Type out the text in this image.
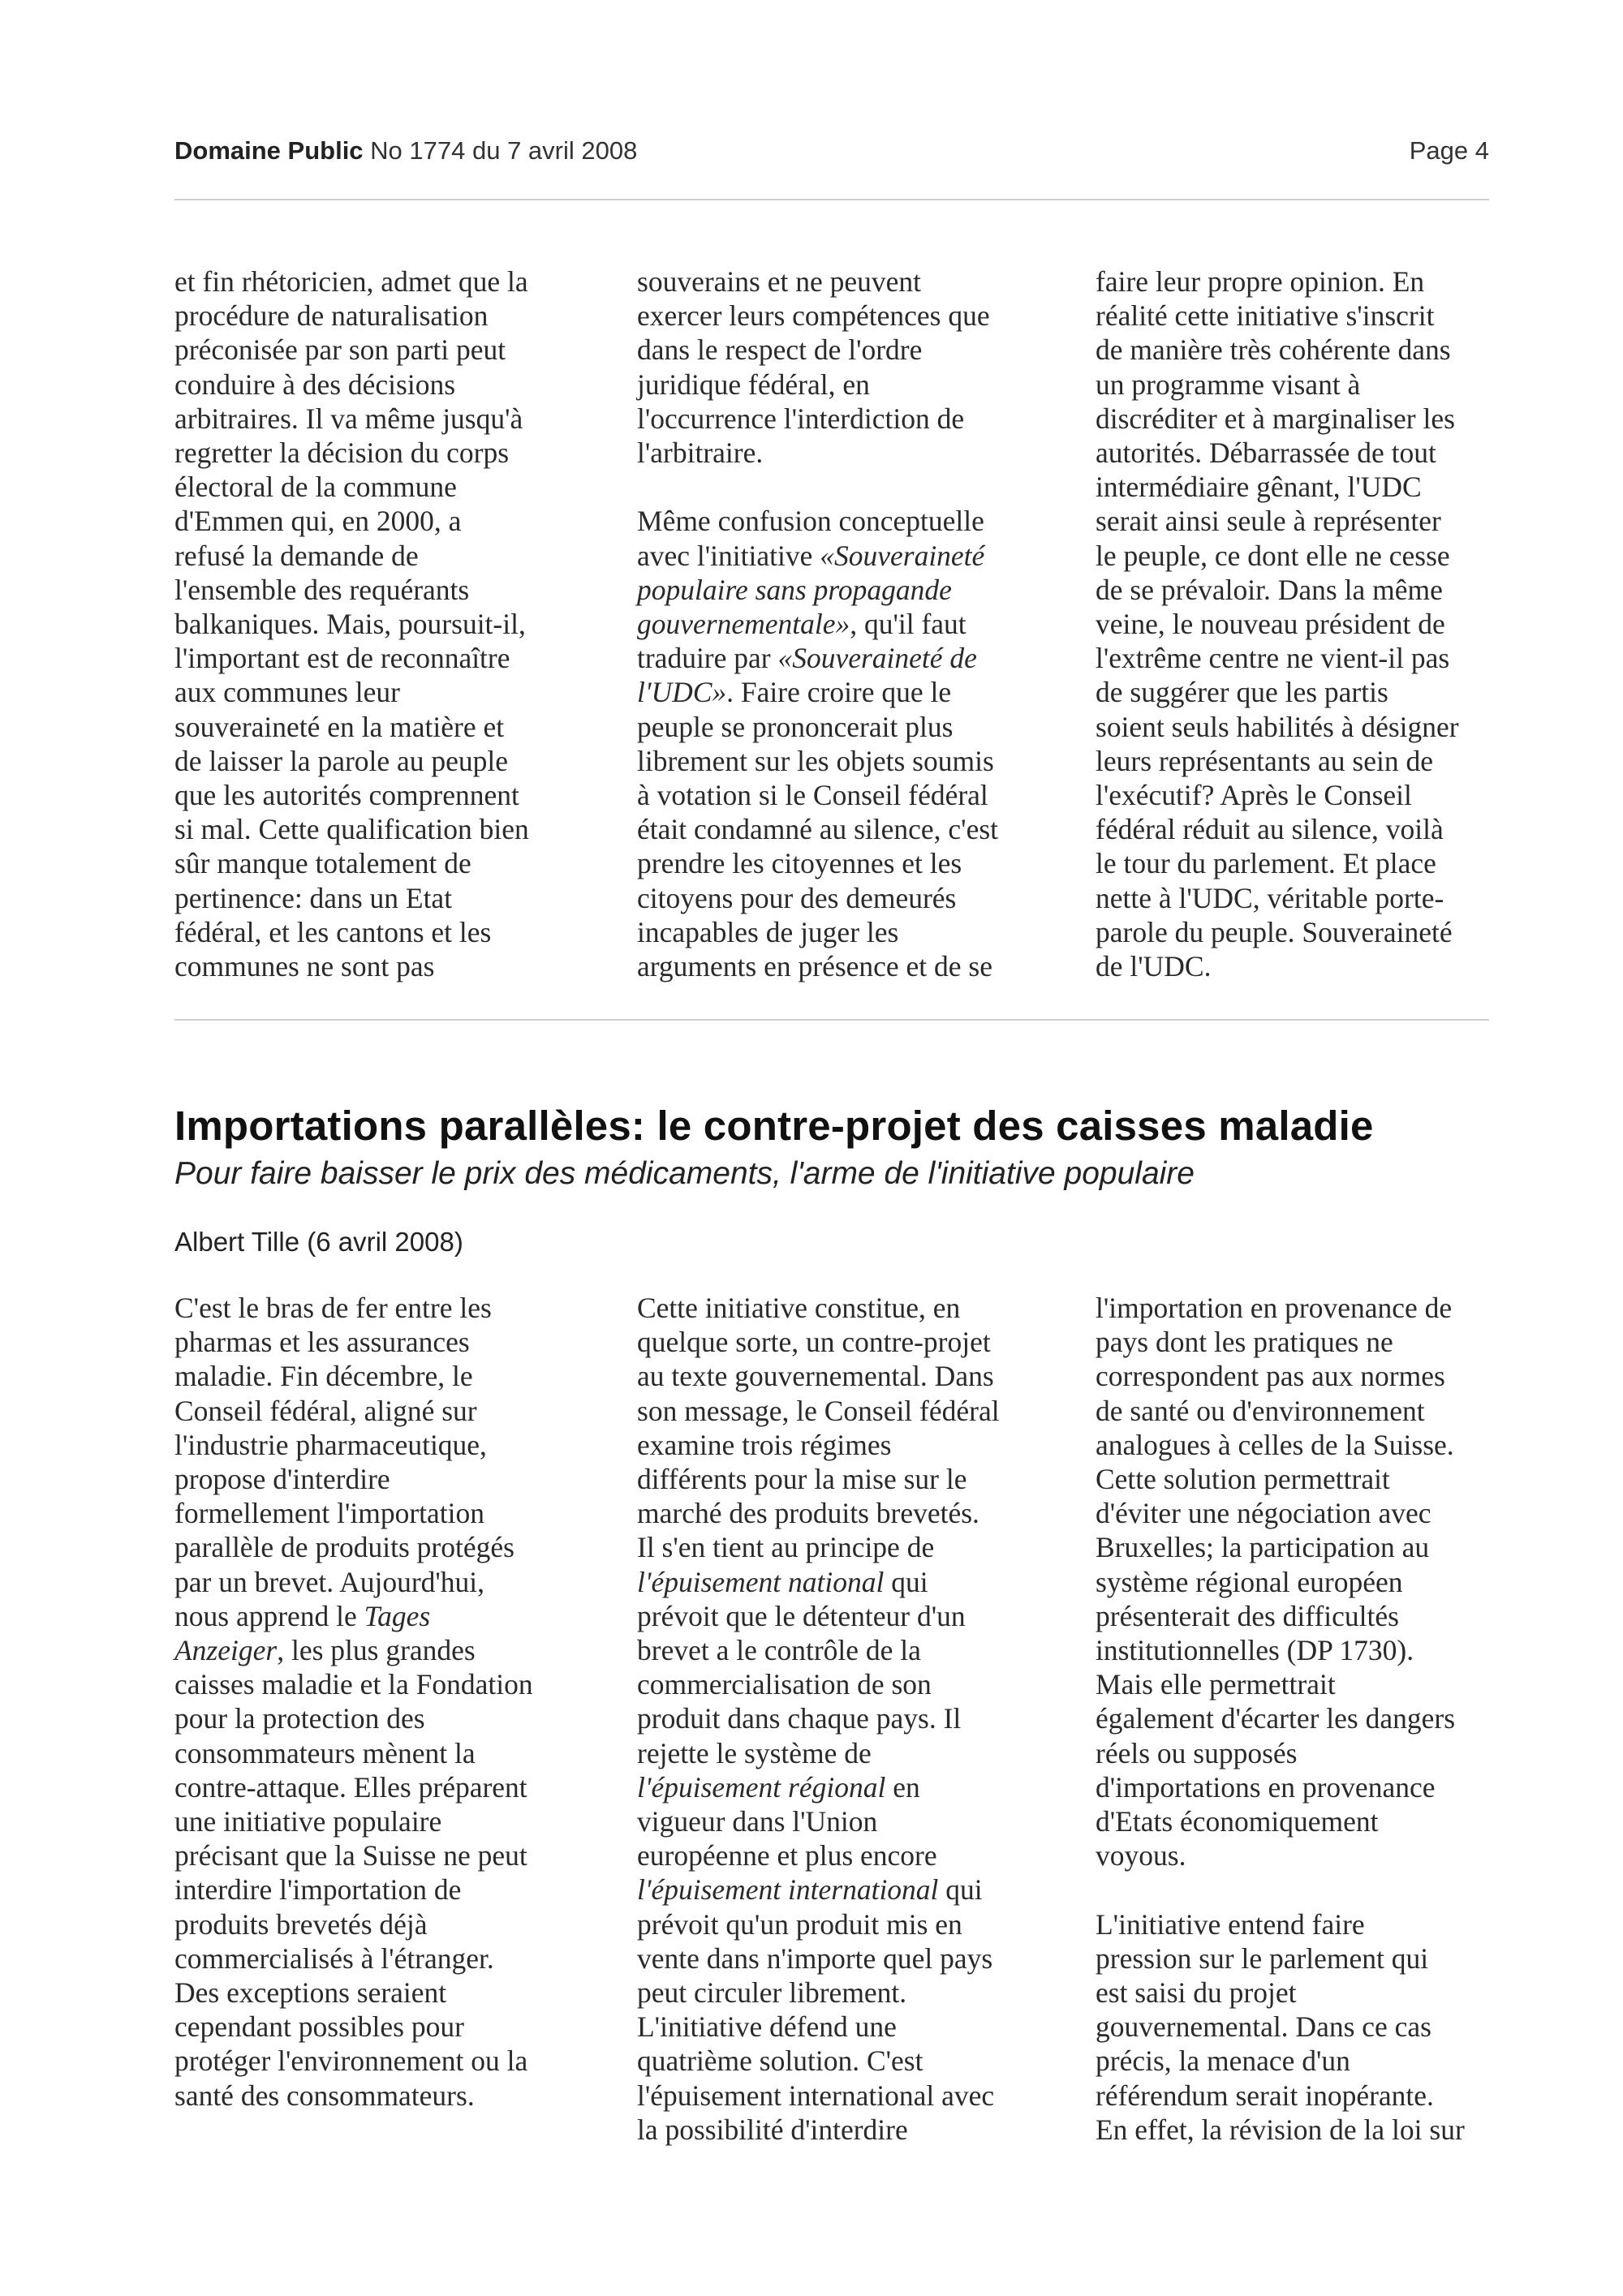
Domaine Public No 1774 du 7 avril 2008	Page 4
et fin rhétoricien, admet que la
procédure de naturalisation
préconisée par son parti peut
conduire à des décisions
arbitraires. Il va même jusqu'à
regretter la décision du corps
électoral de la commune
d'Emmen qui, en 2000, a
refusé la demande de
l'ensemble des requérants
balkaniques. Mais, poursuit-il,
l'important est de reconnaître
aux communes leur
souveraineté en la matière et
de laisser la parole au peuple
que les autorités comprennent
si mal. Cette qualification bien
sûr manque totalement de
pertinence: dans un Etat
fédéral, et les cantons et les
communes ne sont pas
souverains et ne peuvent
exercer leurs compétences que
dans le respect de l'ordre
juridique fédéral, en
l'occurrence l'interdiction de
l'arbitraire.
Même confusion conceptuelle
avec l'initiative «Souveraineté
populaire sans propagande
gouvernementale», qu'il faut
traduire par «Souveraineté de
l'UDC». Faire croire que le
peuple se prononcerait plus
librement sur les objets soumis
à votation si le Conseil fédéral
était condamné au silence, c'est
prendre les citoyennes et les
citoyens pour des demeurés
incapables de juger les
arguments en présence et de se
faire leur propre opinion. En
réalité cette initiative s'inscrit
de manière très cohérente dans
un programme visant à
discréditer et à marginaliser les
autorités. Débarrassée de tout
intermédiaire gênant, l'UDC
serait ainsi seule à représenter
le peuple, ce dont elle ne cesse
de se prévaloir. Dans la même
veine, le nouveau président de
l'extrême centre ne vient-il pas
de suggérer que les partis
soient seuls habilités à désigner
leurs représentants au sein de
l'exécutif? Après le Conseil
fédéral réduit au silence, voilà
le tour du parlement. Et place
nette à l'UDC, véritable porte-
parole du peuple. Souveraineté
de l'UDC.
Importations parallèles: le contre-projet des caisses maladie
Pour faire baisser le prix des médicaments, l'arme de l'initiative populaire
Albert Tille (6 avril 2008)
C'est le bras de fer entre les
pharmas et les assurances
maladie. Fin décembre, le
Conseil fédéral, aligné sur
l'industrie pharmaceutique,
propose d'interdire
formellement l'importation
parallèle de produits protégés
par un brevet. Aujourd'hui,
nous apprend le Tages
Anzeiger, les plus grandes
caisses maladie et la Fondation
pour la protection des
consommateurs mènent la
contre-attaque. Elles préparent
une initiative populaire
précisant que la Suisse ne peut
interdire l'importation de
produits brevetés déjà
commercialisés à l'étranger.
Des exceptions seraient
cependant possibles pour
protéger l'environnement ou la
santé des consommateurs.
Cette initiative constitue, en
quelque sorte, un contre-projet
au texte gouvernemental. Dans
son message, le Conseil fédéral
examine trois régimes
différents pour la mise sur le
marché des produits brevetés.
Il s'en tient au principe de
l'épuisement national qui
prévoit que le détenteur d'un
brevet a le contrôle de la
commercialisation de son
produit dans chaque pays. Il
rejette le système de
l'épuisement régional en
vigueur dans l'Union
européenne et plus encore
l'épuisement international qui
prévoit qu'un produit mis en
vente dans n'importe quel pays
peut circuler librement.
L'initiative défend une
quatrième solution. C'est
l'épuisement international avec
la possibilité d'interdire
l'importation en provenance de
pays dont les pratiques ne
correspondent pas aux normes
de santé ou d'environnement
analogues à celles de la Suisse.
Cette solution permettrait
d'éviter une négociation avec
Bruxelles; la participation au
système régional européen
présenterait des difficultés
institutionnelles (DP 1730).
Mais elle permettrait
également d'écarter les dangers
réels ou supposés
d'importations en provenance
d'Etats économiquement
voyous.
L'initiative entend faire
pression sur le parlement qui
est saisi du projet
gouvernemental. Dans ce cas
précis, la menace d'un
référendum serait inopérante.
En effet, la révision de la loi sur
